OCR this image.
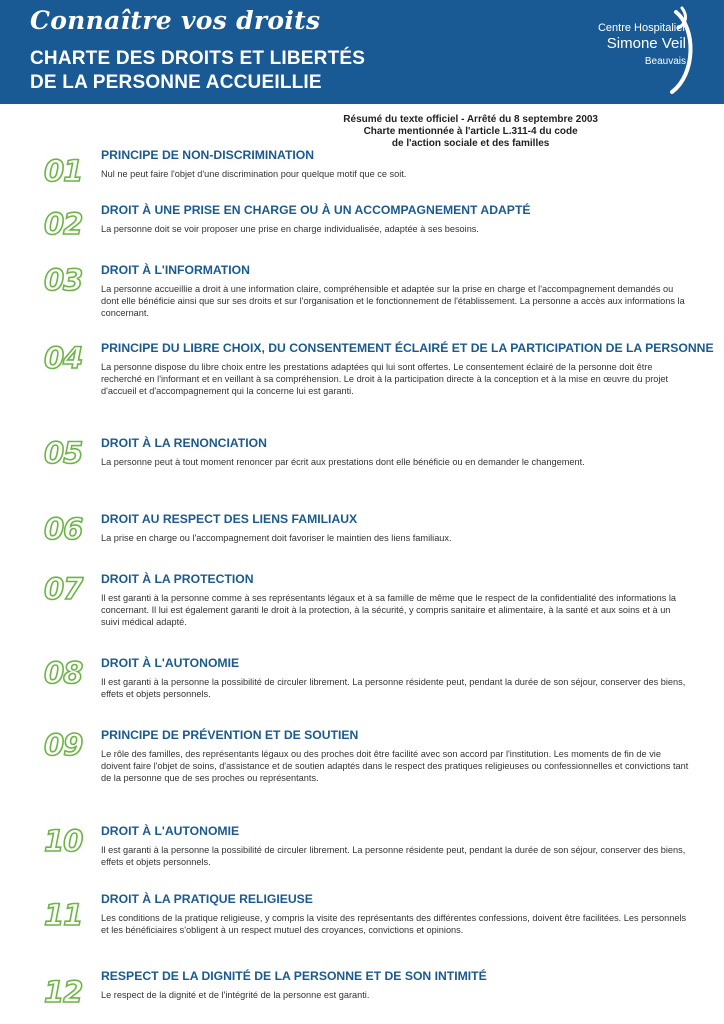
Connaître vos droits
CHARTE DES DROITS ET LIBERTÉS
DE LA PERSONNE ACCUEILLIE
Centre Hospitalier
Simone Veil
Beauvais
Résumé du texte officiel - Arrêté du 8 septembre 2003
Charte mentionnée à l'article L.311-4 du code
de l'action sociale et des familles
01	PRINCIPE DE NON-DISCRIMINATION
Nul ne peut faire l'objet d'une discrimination pour quelque motif que ce soit.
02	DROIT À UNE PRISE EN CHARGE OU À UN ACCOMPAGNEMENT ADAPTÉ
La personne doit se voir proposer une prise en charge individualisée, adaptée à ses besoins.
03	DROIT À L'INFORMATION
La personne accueillie a droit à une information claire, compréhensible et adaptée sur la prise en charge et l'accompagnement demandés ou dont elle bénéficie ainsi que sur ses droits et sur l'organisation et le fonctionnement de l'établissement. La personne a accès aux informations la concernant.
04	PRINCIPE DU LIBRE CHOIX, DU CONSENTEMENT ÉCLAIRÉ ET DE LA PARTICIPATION DE LA PERSONNE
La personne dispose du libre choix entre les prestations adaptées qui lui sont offertes. Le consentement éclairé de la personne doit être recherché en l'informant et en veillant à sa compréhension. Le droit à la participation directe à la conception et à la mise en œuvre du projet d'accueil et d'accompagnement qui la concerne lui est garanti.
05	DROIT À LA RENONCIATION
La personne peut à tout moment renoncer par écrit aux prestations dont elle bénéficie ou en demander le changement.
06	DROIT AU RESPECT DES LIENS FAMILIAUX
La prise en charge ou l'accompagnement doit favoriser le maintien des liens familiaux.
07	DROIT À LA PROTECTION
Il est garanti à la personne comme à ses représentants légaux et à sa famille de même que le respect de la confidentialité des informations la concernant. Il lui est également garanti le droit à la protection, à la sécurité, y compris sanitaire et alimentaire, à la santé et aux soins et à un suivi médical adapté.
08	DROIT À L'AUTONOMIE
Il est garanti à la personne la possibilité de circuler librement. La personne résidente peut, pendant la durée de son séjour, conserver des biens, effets et objets personnels.
09	PRINCIPE DE PRÉVENTION ET DE SOUTIEN
Le rôle des familles, des représentants légaux ou des proches doit être facilité avec son accord par l'institution. Les moments de fin de vie doivent faire l'objet de soins, d'assistance et de soutien adaptés dans le respect des pratiques religieuses ou confessionnelles et convictions tant de la personne que de ses proches ou représentants.
10	DROIT À L'AUTONOMIE
Il est garanti à la personne la possibilité de circuler librement. La personne résidente peut, pendant la durée de son séjour, conserver des biens, effets et objets personnels.
11	DROIT À LA PRATIQUE RELIGIEUSE
Les conditions de la pratique religieuse, y compris la visite des représentants des différentes confessions, doivent être facilitées. Les personnels et les bénéficiaires s'obligent à un respect mutuel des croyances, convictions et opinions.
12	RESPECT DE LA DIGNITÉ DE LA PERSONNE ET DE SON INTIMITÉ
Le respect de la dignité et de l'intégrité de la personne est garanti.
